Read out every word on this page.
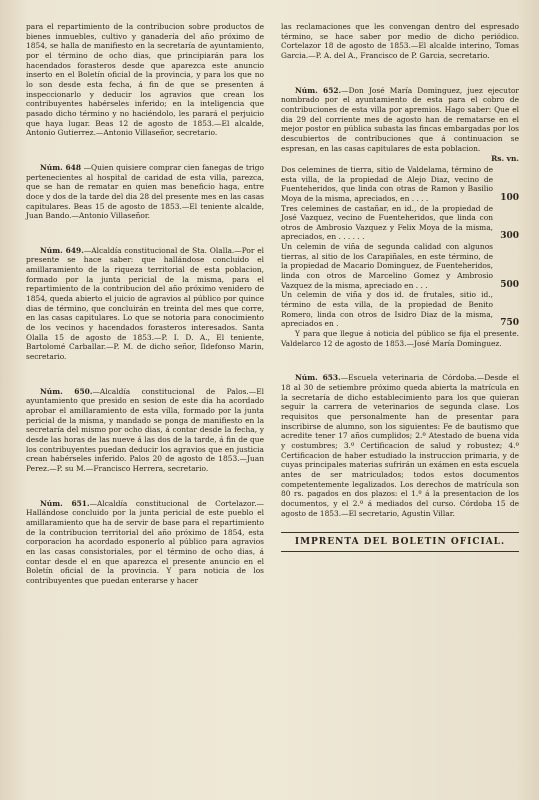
para el repartimiento de la contribucion sobre productos de bienes inmuebles, cultivo y ganadería del año próximo de 1854, se halla de manifiesto en la secretaría de ayuntamiento, por el término de ocho dias, que principiarán para los hacendados forasteros desde que aparezca este anuncio inserto en el Boletín oficial de la provincia, y para los que no lo son desde esta fecha, á fin de que se presenten á inspeccionarlo y deducir los agravios que crean los contribuyentes habérseles inferido; en la inteligencia que pasado dicho término y no haciéndolo, les parará el perjuicio que haya lugar. Beas 12 de agosto de 1853.—El alcalde, Antonio Gutierrez.—Antonio Villaseñor, secretario.

Núm. 648 —Quien quisiere comprar cien fanegas de trigo pertenecientes al hospital de caridad de esta villa, parezca, que se han de rematar en quien mas beneficio haga, entre doce y dos de la tarde del dia 28 del presente mes en las casas capitulares. Beas 15 de agosto de 1853.—El teniente alcalde, Juan Bando.—Antonio Villaseñor.

Núm. 649.—Alcaldía constitucional de Sta. Olalla.—Por el presente se hace saber: que hallándose concluido el amillaramiento de la riqueza territorial de esta poblacion, formado por la junta pericial de la misma, para el repartimiento de la contribucion del año próximo venidero de 1854, queda abierto el juicio de agravios al público por quince dias de término, que concluirán en treinta del mes que corre, en las casas capitulares. Lo que se notoria para conocimiento de los vecinos y hacendados forasteros interesados. Santa Olalla 15 de agosto de 1853.—P. I. D. A., El teniente, Bartolomé Carballar.—P. M. de dicho señor, Ildefonso Marin, secretario.

Núm. 650.—Alcaldía constitucional de Palos.—El ayuntamiento que presido en sesion de este dia ha acordado aprobar el amillaramiento de esta villa, formado por la junta pericial de la misma, y mandado se ponga de manifiesto en la secretaría del mismo por ocho dias, á contar desde la fecha, y desde las horas de las nueve á las dos de la tarde, á fin de que los contribuyentes puedan deducir los agravios que en justicia crean habérseles inferido. Palos 20 de agosto de 1853.—Juan Perez.—P. su M.—Francisco Herrera, secretario.

Núm. 651.—Alcaldía constitucional de Cortelazor.—Hallándose concluido por la junta pericial de este pueblo el amillaramiento que ha de servir de base para el repartimiento de la contribucion territorial del año próximo de 1854, esta corporacion ha acordado esponerlo al público para agravios en las casas consistoriales, por el término de ocho dias, á contar desde el en que aparezca el presente anuncio en el Boletín oficial de la provincia. Y para noticia de los contribuyentes que puedan enterarse y hacer

las reclamaciones que les convengan dentro del espresado término, se hace saber por medio de dicho periódico. Cortelazor 18 de agosto de 1853.—El alcalde interino, Tomas Garcia.—P. A. del A., Francisco de P. Garcia, secretario.

Núm. 652.—Don José María Dominguez, juez ejecutor nombrado por el ayuntamiento de esta para el cobro de contribuciones de esta villa por apremios. Hago saber: Que el dia 29 del corriente mes de agosto han de rematarse en el mejor postor en pública subasta las fincas embargadas por los descubiertos de contribuciones que á continuacion se espresan, en las casas capitulares de esta poblacion.

Rs. vn.

Dos celemines de tierra, sitio de Valdelama, término de esta villa, de la propiedad de Alejo Diaz, vecino de Fuenteheridos, que linda con otras de Ramon y Basilio Moya de la misma, apreciados, en . . . .	100

Tres celemines de castañar, en id., de la propiedad de José Vazquez, vecino de Fuenteheridos, que linda con otros de Ambrosio Vazquez y Felix Moya de la misma, apreciados, en . . . . . .	300

Un celemin de viña de segunda calidad con algunos tierras, al sitio de los Carapiñales, en este término, de la propiedad de Macario Dominguez, de Fuenteheridos, linda con otros de Marcelino Gomez y Ambrosio Vazquez de la misma, apreciado en . . .	500

Un celemin de viña y dos id. de frutales, sitio id., término de esta villa, de la propiedad de Benito Romero, linda con otros de Isidro Diaz de la misma, apreciados en .	750

Y para que llegue á noticia del público se fija el presente. Valdelarco 12 de agosto de 1853.—José María Dominguez.

Núm. 653.—Escuela veterinaria de Córdoba.—Desde el 18 al 30 de setiembre próximo queda abierta la matrícula en la secretaría de dicho establecimiento para los que quieran seguir la carrera de veterinarios de segunda clase. Los requisitos que personalmente han de presentar para inscribirse de alumno, son los siguientes: Fe de bautismo que acredite tener 17 años cumplidos; 2.º Atestado de buena vida y costumbres; 3.º Certificacion de salud y robustez; 4.º Certificacion de haber estudiado la instruccion primaria, y de cuyas principales materias sufrirán un exámen en esta escuela antes de ser matriculados; todos estos documentos competentemente legalizados. Los derechos de matrícula son 80 rs. pagados en dos plazos: el 1.º á la presentacion de los documentos, y el 2.º á mediados del curso. Córdoba 15 de agosto de 1853.—El secretario, Agustin Villar.

IMPRENTA DEL BOLETIN OFICIAL.
